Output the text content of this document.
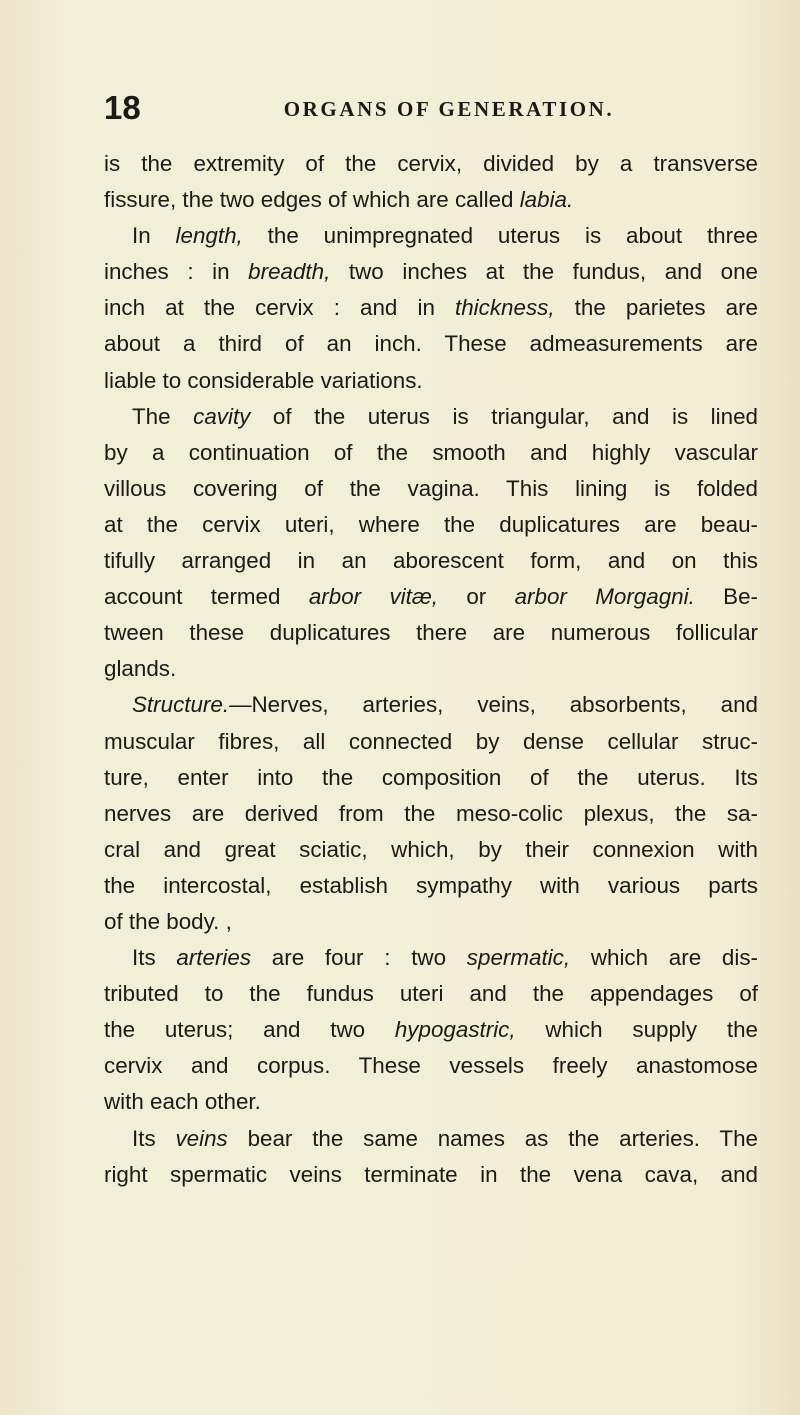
18	ORGANS OF GENERATION.
is the extremity of the cervix, divided by a transverse
fissure, the two edges of which are called labia.
In length, the unimpregnated uterus is about three
inches : in breadth, two inches at the fundus, and one
inch at the cervix : and in thickness, the parietes are
about a third of an inch. These admeasurements are
liable to considerable variations.
The cavity of the uterus is triangular, and is lined
by a continuation of the smooth and highly vascular
villous covering of the vagina. This lining is folded
at the cervix uteri, where the duplicatures are beau-
tifully arranged in an aborescent form, and on this
account termed arbor vitæ, or arbor Morgagni. Be-
tween these duplicatures there are numerous follicular
glands.
Structure.—Nerves, arteries, veins, absorbents, and
muscular fibres, all connected by dense cellular struc-
ture, enter into the composition of the uterus. Its
nerves are derived from the meso-colic plexus, the sa-
cral and great sciatic, which, by their connexion with
the intercostal, establish sympathy with various parts
of the body. ,
Its arteries are four : two spermatic, which are dis-
tributed to the fundus uteri and the appendages of
the uterus; and two hypogastric, which supply the
cervix and corpus. These vessels freely anastomose
with each other.
Its veins bear the same names as the arteries. The
right spermatic veins terminate in the vena cava, and
